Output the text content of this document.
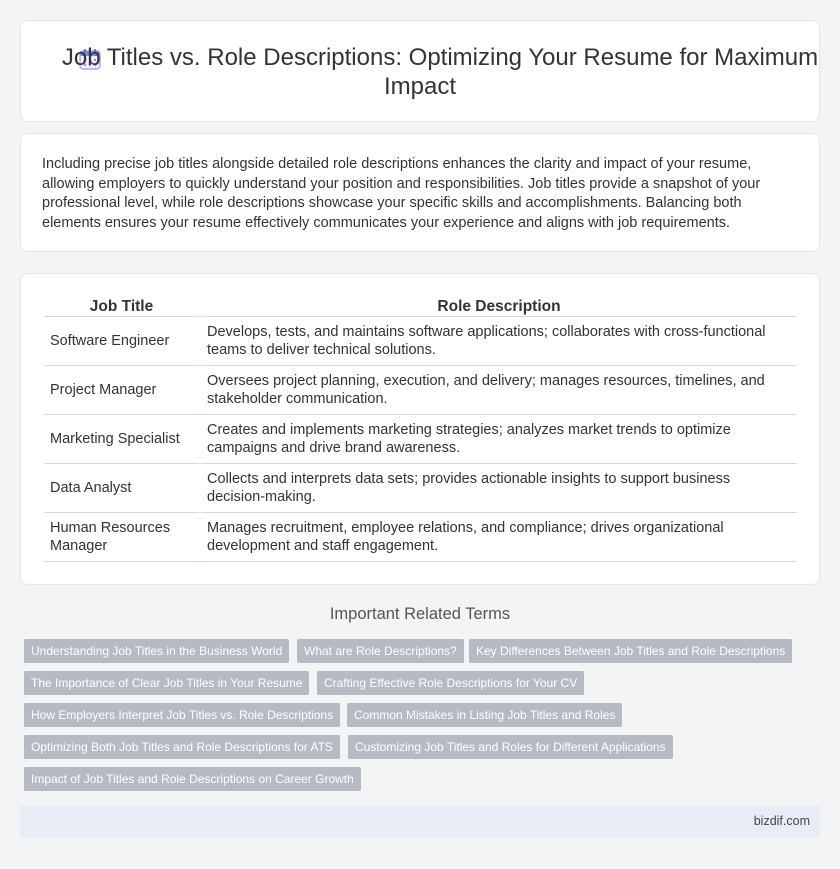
Job Titles vs. Role Descriptions: Optimizing Your Resume for Maximum Impact

Including precise job titles alongside detailed role descriptions enhances the clarity and impact of your resume, allowing employers to quickly understand your position and responsibilities. Job titles provide a snapshot of your professional level, while role descriptions showcase your specific skills and accomplishments. Balancing both elements ensures your resume effectively communicates your experience and aligns with job requirements.

Job Title	Role Description
Software Engineer	Develops, tests, and maintains software applications; collaborates with cross-functional teams to deliver technical solutions.
Project Manager	Oversees project planning, execution, and delivery; manages resources, timelines, and stakeholder communication.
Marketing Specialist	Creates and implements marketing strategies; analyzes market trends to optimize campaigns and drive brand awareness.
Data Analyst	Collects and interprets data sets; provides actionable insights to support business decision-making.
Human Resources Manager	Manages recruitment, employee relations, and compliance; drives organizational development and staff engagement.
Important Related Terms
Understanding Job Titles in the Business World	What are Role Descriptions?	Key Differences Between Job Titles and Role Descriptions
The Importance of Clear Job Titles in Your Resume	Crafting Effective Role Descriptions for Your CV
How Employers Interpret Job Titles vs. Role Descriptions	Common Mistakes in Listing Job Titles and Roles
Optimizing Both Job Titles and Role Descriptions for ATS	Customizing Job Titles and Roles for Different Applications
Impact of Job Titles and Role Descriptions on Career Growth
bizdif.com
